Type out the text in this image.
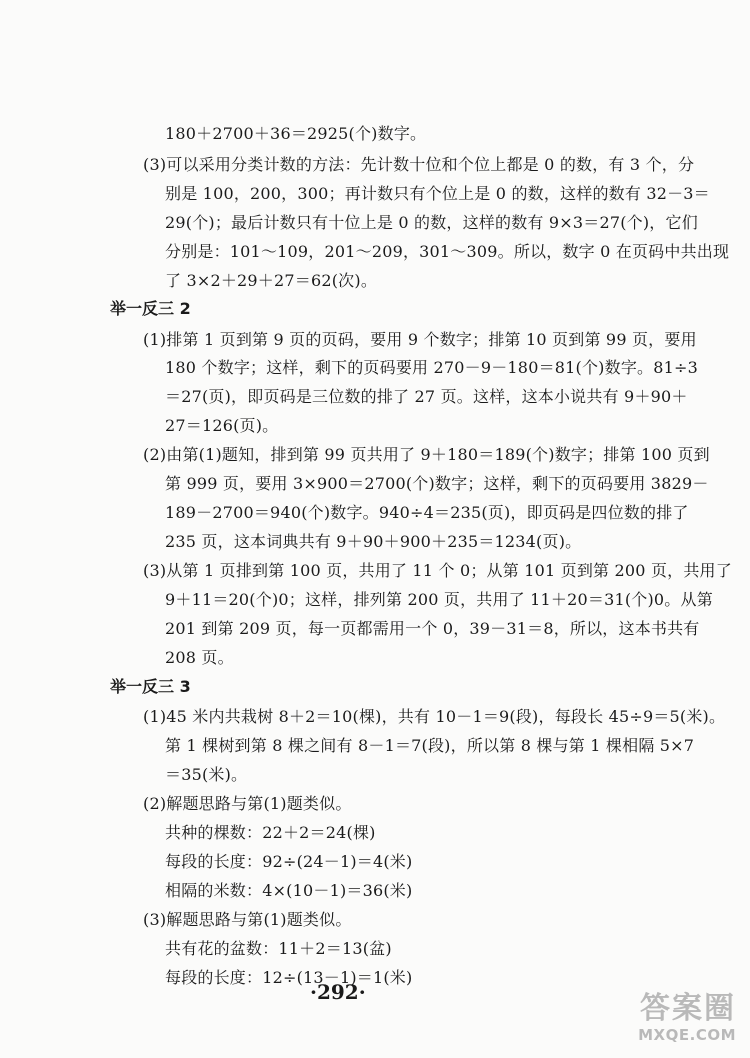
180＋2700＋36＝2925(个)数字。
(3)可以采用分类计数的方法：先计数十位和个位上都是 0 的数，有 3 个，分
别是 100，200，300；再计数只有个位上是 0 的数，这样的数有 32－3＝
29(个)；最后计数只有十位上是 0 的数，这样的数有 9×3＝27(个)，它们
分别是：101～109，201～209，301～309。所以，数字 0 在页码中共出现
了 3×2＋29＋27＝62(次)。
举一反三 2
(1)排第 1 页到第 9 页的页码，要用 9 个数字；排第 10 页到第 99 页，要用
180 个数字；这样，剩下的页码要用 270－9－180＝81(个)数字。81÷3
＝27(页)，即页码是三位数的排了 27 页。这样，这本小说共有 9＋90＋
27＝126(页)。
(2)由第(1)题知，排到第 99 页共用了 9＋180＝189(个)数字；排第 100 页到
第 999 页，要用 3×900＝2700(个)数字；这样，剩下的页码要用 3829－
189－2700＝940(个)数字。940÷4＝235(页)，即页码是四位数的排了
235 页，这本词典共有 9＋90＋900＋235＝1234(页)。
(3)从第 1 页排到第 100 页，共用了 11 个 0；从第 101 页到第 200 页，共用了
9＋11＝20(个)0；这样，排列第 200 页，共用了 11＋20＝31(个)0。从第
201 到第 209 页，每一页都需用一个 0，39－31＝8，所以，这本书共有
208 页。
举一反三 3
(1)45 米内共栽树 8＋2＝10(棵)，共有 10－1＝9(段)，每段长 45÷9＝5(米)。
第 1 棵树到第 8 棵之间有 8－1＝7(段)，所以第 8 棵与第 1 棵相隔 5×7
＝35(米)。
(2)解题思路与第(1)题类似。
共种的棵数：22＋2＝24(棵)
每段的长度：92÷(24－1)＝4(米)
相隔的米数：4×(10－1)＝36(米)
(3)解题思路与第(1)题类似。
共有花的盆数：11＋2＝13(盆)
每段的长度：12÷(13－1)＝1(米)
·292·	答案圈
MXQE.COM
